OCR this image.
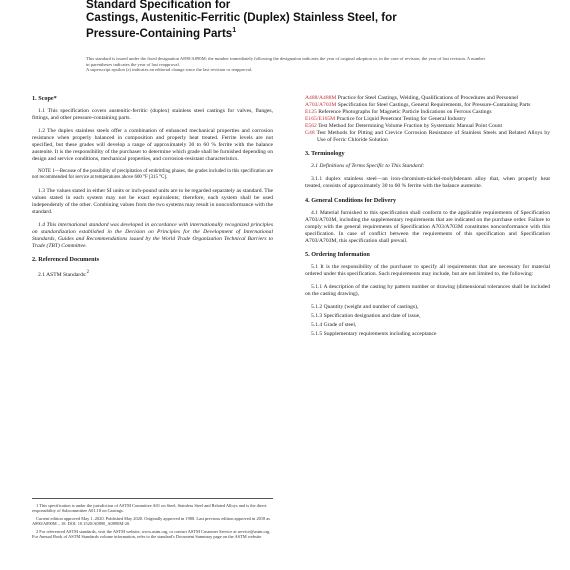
Standard Specification for
Castings, Austenitic-Ferritic (Duplex) Stainless Steel, for
Pressure-Containing Parts$^1$
This standard is issued under the fixed designation A890/A890M; the number immediately following the designation indicates the year of original adoption or, in the case of revision, the year of last revision. A number in parentheses indicates the year of last reapproval.
A superscript epsilon (ε) indicates an editorial change since the last revision or reapproval.

1. Scope*

1.1 This specification covers austenitic-ferritic (duplex) stainless steel castings for valves, flanges, fittings, and other pressure-containing parts.

1.2 The duplex stainless steels offer a combination of enhanced mechanical properties and corrosion resistance when properly balanced in composition and properly heat treated. Ferrite levels are not specified, but these grades will develop a range of approximately 30 to 60 % ferrite with the balance austenite. It is the responsibility of the purchaser to determine which grade shall be furnished depending on design and service conditions, mechanical properties, and corrosion-resistant characteristics.

NOTE 1—Because of the possibility of precipitation of embrittling phases, the grades included in this specification are not recommended for service at temperatures above 600 °F [315 °C].

1.3 The values stated in either SI units or inch-pound units are to be regarded separately as standard. The values stated in each system may not be exact equivalents; therefore, each system shall be used independently of the other. Combining values from the two systems may result in nonconformance with the standard.

1.4 This international standard was developed in accordance with internationally recognized principles on standardization established in the Decision on Principles for the Development of International Standards, Guides and Recommendations issued by the World Trade Organization Technical Barriers to Trade (TBT) Committee.

2. Referenced Documents

2.1 ASTM Standards:$^2$

1 This specification is under the jurisdiction of ASTM Committee A01 on Steel, Stainless Steel and Related Alloys and is the direct responsibility of Subcommittee A01.18 on Castings.

Current edition approved May 1, 2020. Published May 2020. Originally approved in 1988. Last previous edition approved in 2018 as A890/A890M – 18. DOI: 10.1520/A0890_A0890M-20.

2 For referenced ASTM standards, visit the ASTM website, www.astm.org, or contact ASTM Customer Service at service@astm.org. For Annual Book of ASTM Standards volume information, refer to the standard's Document Summary page on the ASTM website.

A488/A488M Practice for Steel Castings, Welding, Qualifications of Procedures and Personnel

A703/A703M Specification for Steel Castings, General Requirements, for Pressure-Containing Parts

E125 Reference Photographs for Magnetic Particle Indications on Ferrous Castings

E165/E165M Practice for Liquid Penetrant Testing for General Industry

E562 Test Method for Determining Volume Fraction by Systematic Manual Point Count

G48 Test Methods for Pitting and Crevice Corrosion Resistance of Stainless Steels and Related Alloys by Use of Ferric Chloride Solution

3. Terminology

3.1 Definitions of Terms Specific to This Standard:

3.1.1 duplex stainless steel—an iron-chromium-nickel-molybdenum alloy that, when properly heat treated, consists of approximately 30 to 60 % ferrite with the balance austenite.

4. General Conditions for Delivery

4.1 Material furnished to this specification shall conform to the applicable requirements of Specification A703/A703M, including the supplementary requirements that are indicated on the purchase order. Failure to comply with the general requirements of Specification A703/A703M constitutes nonconformance with this specification. In case of conflict between the requirements of this specification and Specification A703/A703M, this specification shall prevail.

5. Ordering Information

5.1 It is the responsibility of the purchaser to specify all requirements that are necessary for material ordered under this specification. Such requirements may include, but are not limited to, the following:

5.1.1 A description of the casting by pattern number or drawing (dimensional tolerances shall be included on the casting drawing),

5.1.2 Quantity (weight and number of castings),

5.1.3 Specification designation and date of issue,

5.1.4 Grade of steel,

5.1.5 Supplementary requirements including acceptance
